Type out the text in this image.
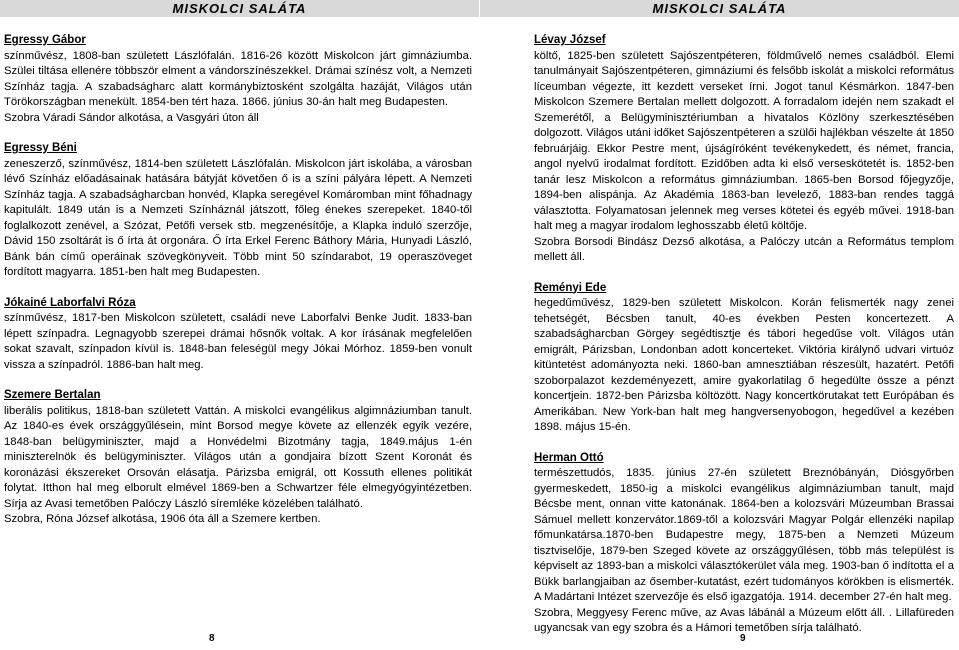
MISKOLCI SALÁTA
Egressy Gábor

színművész, 1808-ban született Lászlófalán. 1816-26 között Miskolcon járt gimnáziumba. Szülei tiltása ellenére többször elment a vándorszínészekkel. Drámai színész volt, a Nemzeti Színház tagja. A szabadságharc alatt kormánybiztosként szolgálta hazáját, Világos után Törökországban menekült. 1854-ben tért haza. 1866. június 30-án halt meg Budapesten.

Szobra Váradi Sándor alkotása, a Vasgyári úton áll

Egressy Béni

zeneszerző, színművész, 1814-ben született Lászlófalán. Miskolcon járt iskolába, a városban lévő Színház előadásainak hatására bátyját követően ő is a színi pályára lépett. A Nemzeti Színház tagja. A szabadságharcban honvéd, Klapka seregével Komáromban mint főhadnagy kapitulált. 1849 után is a Nemzeti Színháznál játszott, főleg énekes szerepeket. 1840-től foglalkozott zenével, a Szózat, Petőfi versek stb. megzenésítője, a Klapka induló szerzője, Dávid 150 zsoltárát is ő írta át orgonára. Ő írta Erkel Ferenc Báthory Mária, Hunyadi László, Bánk bán című operáinak szövegkönyveit. Több mint 50 színdarabot, 19 operaszöveget fordított magyarra. 1851-ben halt meg Budapesten.

Jókainé Laborfalvi Róza

színművész, 1817-ben Miskolcon született, családi neve Laborfalvi Benke Judit. 1833-ban lépett színpadra. Legnagyobb szerepei drámai hősnők voltak. A kor írásának megfelelően sokat szavalt, színpadon kívül is. 1848-ban feleségül megy Jókai Mórhoz. 1859-ben vonult vissza a színpadról. 1886-ban halt meg.

Szemere Bertalan

liberális politikus, 1818-ban született Vattán. A miskolci evangélikus algimnáziumban tanult. Az 1840-es évek országgyűlésein, mint Borsod megye követe az ellenzék egyik vezére, 1848-ban belügyminiszter, majd a Honvédelmi Bizotmány tagja, 1849.május 1-én miniszterelnök és belügyminiszter. Világos után a gondjaira bízott Szent Koronát és koronázási ékszereket Orsován elásatja. Párizsba emigrál, ott Kossuth ellenes politikát folytat. Itthon hal meg elborult elmével 1869-ben a Schwartzer féle elmegyógyintézetben. Sírja az Avasi temetőben Palóczy László síremléke közelében található.

Szobra, Róna József alkotása, 1906 óta áll a Szemere kertben.

8
MISKOLCI SALÁTA
Lévay József

költő, 1825-ben született Sajószentpéteren, földművelő nemes családból. Elemi tanulmányait Sajószentpéteren, gimnáziumi és felsőbb iskolát a miskolci református líceumban végezte, itt kezdett verseket írni. Jogot tanul Késmárkon. 1847-ben Miskolcon Szemere Bertalan mellett dolgozott. A forradalom idején nem szakadt el Szemerétől, a Belügyminisztériumban a hivatalos Közlöny szerkesztésében dolgozott. Világos utáni időket Sajószentpéteren a szülői hajlékban vészelte át 1850 februárjáig. Ekkor Pestre ment, újságíróként tevékenykedett, és német, francia, angol nyelvű irodalmat fordított. Ezidőben adta ki első verseskötetét is. 1852-ben tanár lesz Miskolcon a református gimnáziumban. 1865-ben Borsod főjegyzője, 1894-ben alispánja. Az Akadémia 1863-ban levelező, 1883-ban rendes taggá választotta. Folyamatosan jelennek meg verses kötetei és egyéb művei. 1918-ban halt meg a magyar irodalom leghosszabb életű költője.

Szobra Borsodi Bindász Dezső alkotása, a Palóczy utcán a Református templom mellett áll.

Reményi Ede

hegedűművész, 1829-ben született Miskolcon. Korán felismerték nagy zenei tehetségét, Bécsben tanult, 40-es években Pesten koncertezett. A szabadságharcban Görgey segédtisztje és tábori hegedűse volt. Világos után emigrált, Párizsban, Londonban adott koncerteket. Viktória királynő udvari virtuóz kitüntetést adományozta neki. 1860-ban amnesztiában részesült, hazatért. Petőfi szoborpalazot kezdeményezett, amire gyakorlatilag ő hegedülte össze a pénzt koncertjein. 1872-ben Párizsba költözött. Nagy koncertkörutakat tett Európában és Amerikában. New York-ban halt meg hangversenyobogon, hegedűvel a kezében 1898. május 15-én.

Herman Ottó

természettudós, 1835. június 27-én született Breznóbányán, Diósgyőrben gyermeskedett, 1850-ig a miskolci evangélikus algimnáziumban tanult, majd Bécsbe ment, onnan vitte katonának. 1864-ben a kolozsvári Múzeumban Brassai Sámuel mellett konzervátor.1869-től a kolozsvári Magyar Polgár ellenzéki napilap főmunkatársa.1870-ben Budapestre megy, 1875-ben a Nemzeti Múzeum tisztviselője, 1879-ben Szeged követe az országgyűlésen, több más települést is képviselt az 1893-ban a miskolci választókerület vála meg. 1903-ban ő indította el a Bükk barlangjaiban az ősember-kutatást, ezért tudományos körökben is elismerték. A Madártani Intézet szervezője és első igazgatója. 1914. december 27-én halt meg.

Szobra, Meggyesy Ferenc műve, az Avas lábánál a Múzeum előtt áll. . Lillafüreden ugyancsak van egy szobra és a Hámori temetőben sírja található.

9
